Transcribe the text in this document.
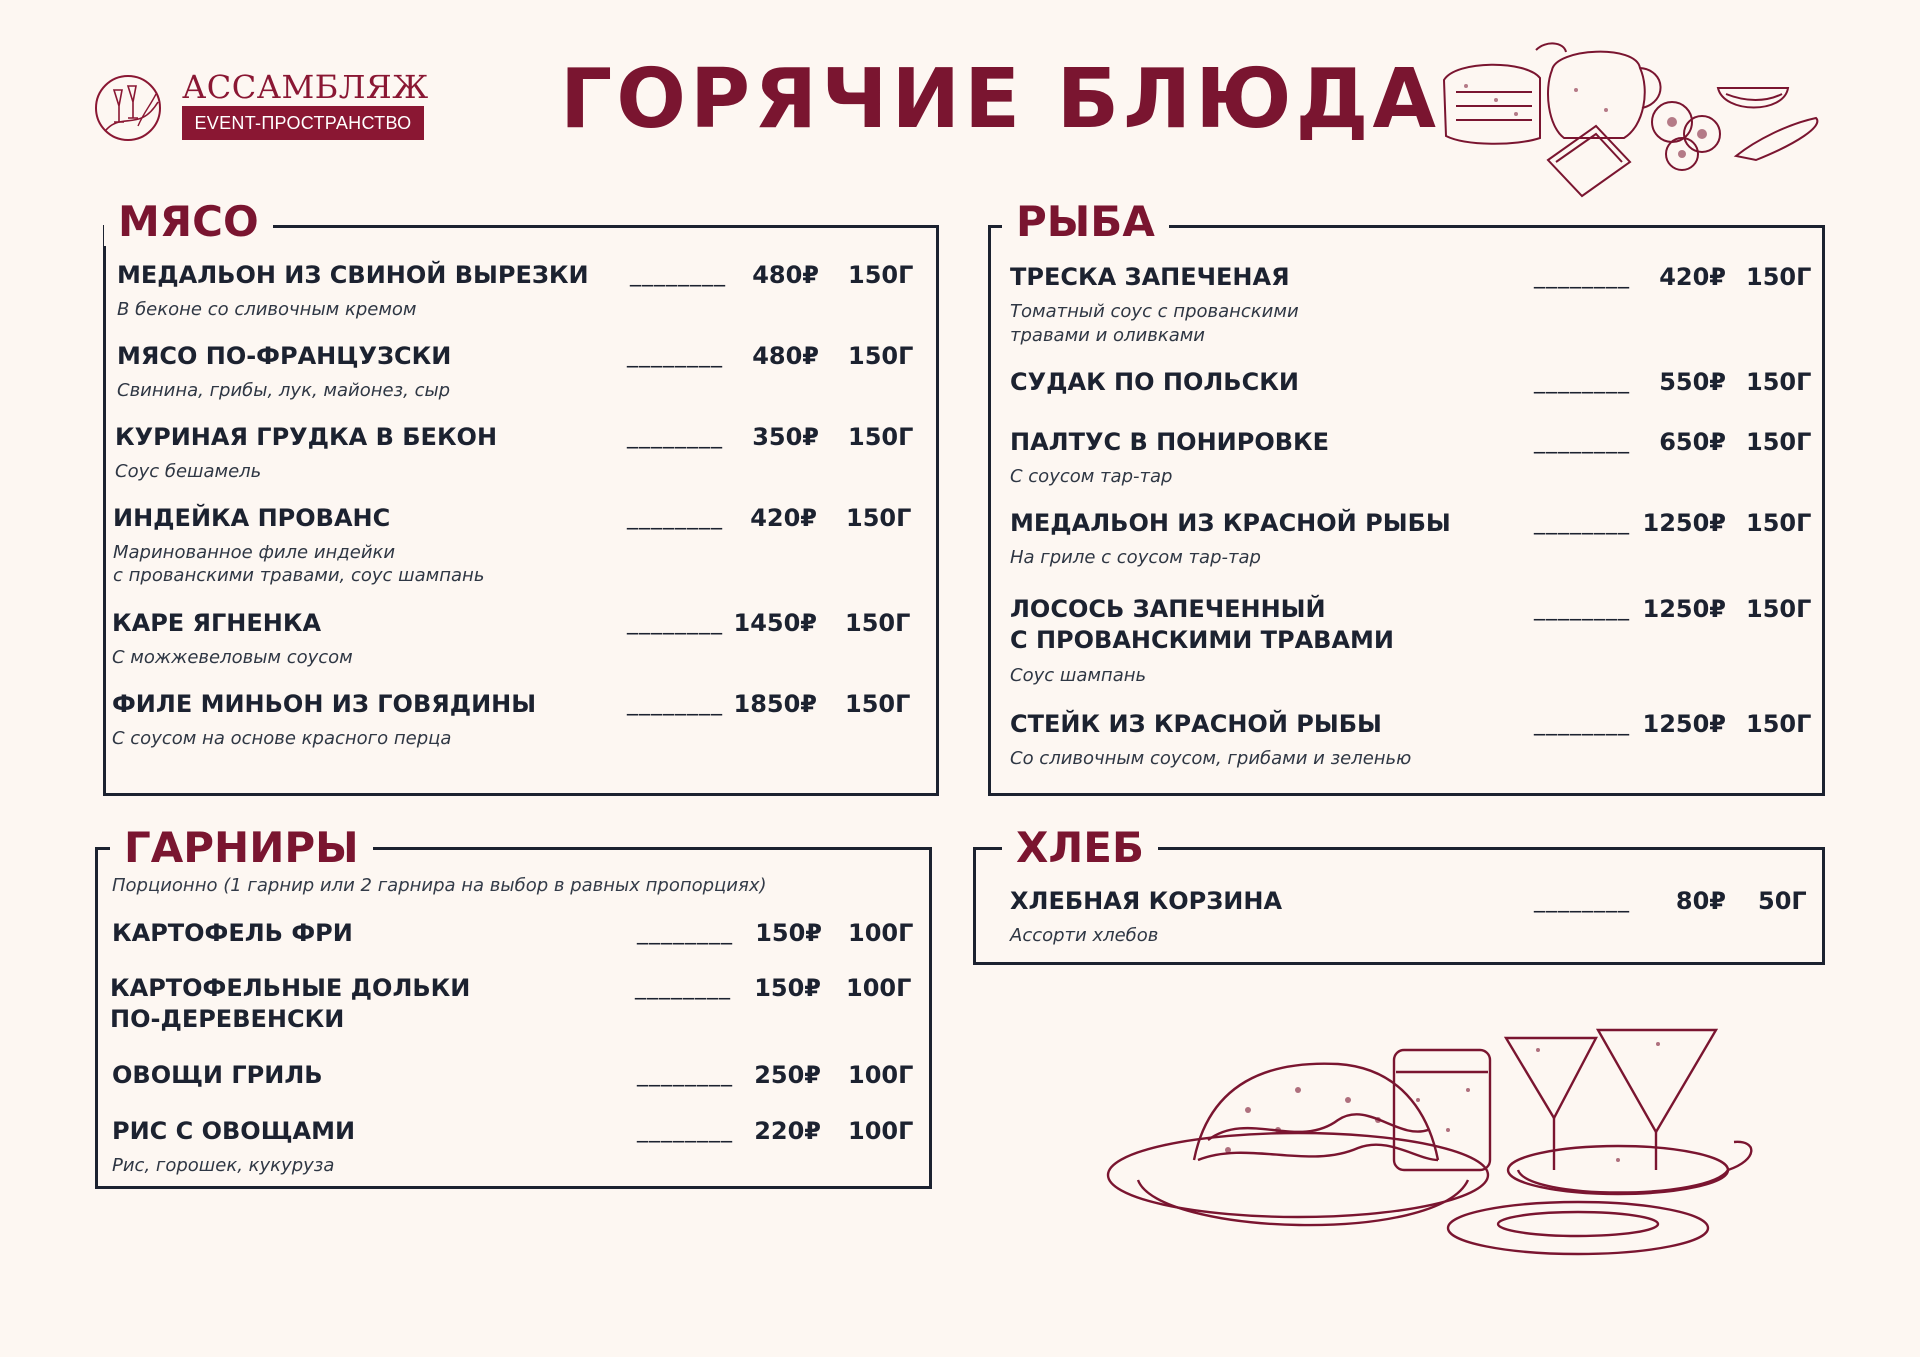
АССАМБЛЯЖ
EVENT-ПРОСТРАНСТВО ГОРЯЧИЕ БЛЮДА
МЯСО
МЕДАЛЬОН ИЗ СВИНОЙ ВЫРЕЗКИ
В беконе со сливочным кремом
________	480₽ 150Г
МЯСО ПО-ФРАНЦУЗСКИ
Свинина, грибы, лук, майонез, сыр
________	480₽ 150Г
КУРИНАЯ ГРУДКА В БЕКОН
Соус бешамель
________	350₽ 150Г
ИНДЕЙКА ПРОВАНС
Маринованное филе индейки
с прованскими травами, соус шампань
________	420₽ 150Г
КАРЕ ЯГНЕНКА
С можжевеловым соусом
________ 1450₽ 150Г
ФИЛЕ МИНЬОН ИЗ ГОВЯДИНЫ
С соусом на основе красного перца
________ 1850₽ 150Г
РЫБА
ТРЕСКА ЗАПЕЧЕНАЯ
Томатный соус с прованскими
травами и оливками
________	420₽ 150Г
СУДАК ПО ПОЛЬСКИ	________	550₽ 150Г
ПАЛТУС В ПОНИРОВКЕ
С соусом тар-тар
________	650₽ 150Г
МЕДАЛЬОН ИЗ КРАСНОЙ РЫБЫ
На гриле с соусом тар-тар
________ 1250₽ 150Г
ЛОСОСЬ ЗАПЕЧЕННЫЙ
С ПРОВАНСКИМИ ТРАВАМИ
Соус шампань
________ 1250₽ 150Г
СТЕЙК ИЗ КРАСНОЙ РЫБЫ
Со сливочным соусом, грибами и зеленью
________ 1250₽ 150Г
ГАРНИРЫ
Порционно (1 гарнир или 2 гарнира на выбор в равных пропорциях)
КАРТОФЕЛЬ ФРИ	________ 150₽ 100Г
КАРТОФЕЛЬНЫЕ ДОЛЬКИ
ПО-ДЕРЕВЕНСКИ
________ 150₽ 100Г
ОВОЩИ ГРИЛЬ	________ 250₽ 100Г
РИС С ОВОЩАМИ
Рис, горошек, кукуруза
________ 220₽ 100Г
ХЛЕБ
ХЛЕБНАЯ КОРЗИНА
Ассорти хлебов
________	80₽ 50Г
